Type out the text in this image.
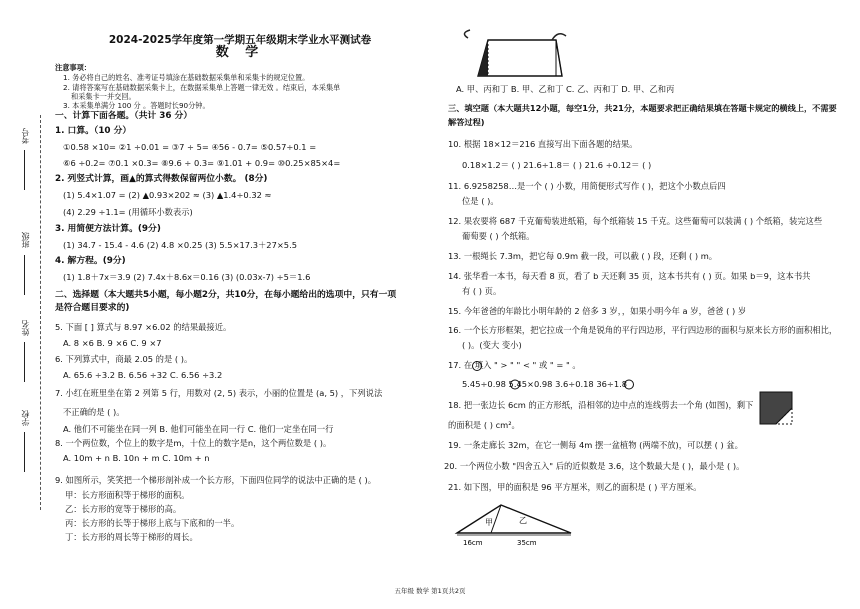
考号
班级
姓名
学校
2024-2025学年度第一学期五年级期末学业水平测试卷
数 学
注意事项：
1. 务必将自己的姓名、准考证号填涂在基础数据采集单和采集卡的规定位置。
2. 请将答案写在基础数据采集卡上，在数据采集单上答题一律无效 。结束后，本采集单
和采集卡一并交回。
3. 本采集单满分 100 分 。答题时长90分钟。
一、计算下面各题。（共计 36 分）
1. 口算。（10 分）
①0.58 ×10= ②1 ÷0.01 = ③7 ÷ 5= ④56 - 0.7= ⑤0.57÷0.1 =
⑥6 ÷0.2= ⑦0.1 ×0.3= ⑧9.6 ÷ 0.3= ⑨1.01 + 0.9= ⑩0.25×85×4=
2. 列竖式计算，画▲的算式得数保留两位小数。 (8分)
(1) 5.4×1.07 = (2) ▲0.93×202 ≈ (3) ▲1.4÷0.32 ≈
(4) 2.29 ÷1.1= (用循环小数表示)
3. 用简便方法计算。(9分)
(1) 34.7 - 15.4 - 4.6 (2) 4.8 ×0.25 (3) 5.5×17.3＋27×5.5
4. 解方程。(9分)
(1) 1.8＋7x＝3.9 (2) 7.4x＋8.6x＝0.16 (3) (0.03x-7) ÷5＝1.6
二、选择题（本大题共5小题，每小题2分，共10分，在每小题给出的选项中，只有一项
是符合题目要求的)
5. 下面 [ ] 算式与 8.97 ×6.02 的结果最接近。
A. 8 ×6 B. 9 ×6 C. 9 ×7
6. 下列算式中，商最 2.05 的是 ( )。
A. 65.6 ÷3.2 B. 6.56 ÷32 C. 6.56 ÷3.2
7. 小红在班里坐在第 2 列第 5 行，用数对 (2, 5) 表示，小丽的位置是 (a, 5) ，下列说法
不正确的是 ( )。
A. 他们不可能坐在同一列 B. 他们可能坐在同一行 C. 他们一定坐在同一行
8. 一个两位数，个位上的数字是m，十位上的数字是n，这个两位数是 ( )。
A. 10m + n B. 10n + m C. 10m + n
9. 如图所示，笑笑把一个梯形剖补成一个长方形，下面四位同学的说法中正确的是 ( )。
甲：长方形面积等于梯形的面积。
乙：长方形的宽等于梯形的高。
丙：长方形的长等于梯形上底与下底和的一半。
丁：长方形的周长等于梯形的周长。
A. 甲、丙和丁 B. 甲、乙和丁 C. 乙、丙和丁 D. 甲、乙和丙
三、填空题（本大题共12小题，每空1分，共21分，本题要求把正确结果填在答题卡规定的横线上，不需要
解答过程)
10. 根据 18×12＝216 直接写出下面各题的结果。
0.18×1.2＝ ( ) 21.6÷1.8＝ ( ) 21.6 ÷0.12＝ ( )
11. 6.9258258…是一个 ( ) 小数，用简便形式写作 ( )，把这个小数点后四
位是 ( )。
12. 果农要将 687 千克葡萄装进纸箱，每个纸箱装 15 千克。这些葡萄可以装满 ( ) 个纸箱，装完这些
葡萄要 ( ) 个纸箱。
13. 一根绳长 7.3m，把它每 0.9m 截一段，可以截 ( ) 段，还剩 ( ) m。
14. 张华看一本书，每天看 8 页，看了 b 天还剩 35 页，这本书共有 ( ) 页。如果 b＝9，这本书共
有 ( ) 页。
15. 今年爸爸的年龄比小明年龄的 2 倍多 3 岁，，如果小明今年 a 岁，爸爸 ( ) 岁
16. 一个长方形框架，把它拉成一个角是锐角的平行四边形，平行四边形的面积与原来长方形的面积相比，
( )。(变大 变小)
17. 在 填入 " > " " < " 或 " = " 。
5.45÷0.98 5.45×0.98 3.6÷0.18 36÷1.8
18. 把一张边长 6cm 的正方形纸，沿相邻的边中点的连线剪去一个角 (如图)，剩下
的面积是 ( ) cm²。
19. 一条走廊长 32m，在它一侧每 4m 摆一盆植物 (两端不放)，可以摆 ( ) 盆。
20. 一个两位小数 "四舍五入" 后的近似数是 3.6，这个数最大是 ( )，最小是 ( )。
21. 如下图，甲的面积是 96 平方厘米，则乙的面积是 ( ) 平方厘米。
甲	乙
16cm	35cm
五年级 数学 第1页共2页
